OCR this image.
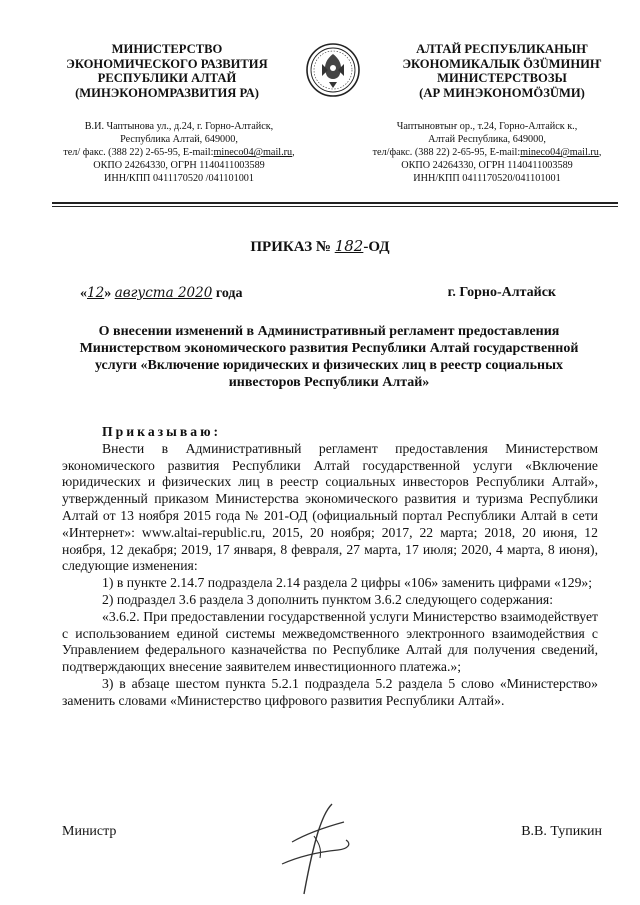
МИНИСТЕРСТВО
ЭКОНОМИЧЕСКОГО РАЗВИТИЯ
РЕСПУБЛИКИ АЛТАЙ
(МИНЭКОНОМРАЗВИТИЯ РА)
АЛТАЙ РЕСПУБЛИКАНЫҤ
ЭКОНОМИКАЛЫК ÖЗÜМИНИҤ
МИНИСТЕРСТВОЗЫ
(АР МИНЭКОНОМÖЗÜМИ)
В.И. Чаптынова ул., д.24, г. Горно-Алтайск,
Республика Алтай, 649000,
тел/ факс. (388 22) 2-65-95, E-mail:mineco04@mail.ru,
ОКПО 24264330, ОГРН 1140411003589
ИНН/КПП 0411170520 /041101001
Чаптыновтыҥ ор., т.24, Горно-Алтайск к.,
Алтай Республика, 649000,
тел/факс. (388 22) 2-65-95, E-mail:mineco04@mail.ru,
ОКПО 24264330, ОГРН 1140411003589
ИНН/КПП 0411170520/041101001
ПРИКАЗ № 182-ОД
«12» августа 2020 года	г. Горно-Алтайск
О внесении изменений в Административный регламент предоставления Министерством экономического развития Республики Алтай государственной услуги «Включение юридических и физических лиц в реестр социальных инвесторов Республики Алтай»

Приказываю:

Внести в Административный регламент предоставления Министерством экономического развития Республики Алтай государственной услуги «Включение юридических и физических лиц в реестр социальных инвесторов Республики Алтай», утвержденный приказом Министерства экономического развития и туризма Республики Алтай от 13 ноября 2015 года № 201-ОД (официальный портал Республики Алтай в сети «Интернет»: www.altai-republic.ru, 2015, 20 ноября; 2017, 22 марта; 2018, 20 июня, 12 ноября, 12 декабря; 2019, 17 января, 8 февраля, 27 марта, 17 июля; 2020, 4 марта, 8 июня), следующие изменения:

1) в пункте 2.14.7 подраздела 2.14 раздела 2 цифры «106» заменить цифрами «129»;

2) подраздел 3.6 раздела 3 дополнить пунктом 3.6.2 следующего содержания:

«3.6.2. При предоставлении государственной услуги Министерство взаимодействует с использованием единой системы межведомственного электронного взаимодействия с Управлением федерального казначейства по Республике Алтай для получения сведений, подтверждающих внесение заявителем инвестиционного платежа.»;

3) в абзаце шестом пункта 5.2.1 подраздела 5.2 раздела 5 слово «Министерство» заменить словами «Министерство цифрового развития Республики Алтай».

Министр	В.В. Тупикин
